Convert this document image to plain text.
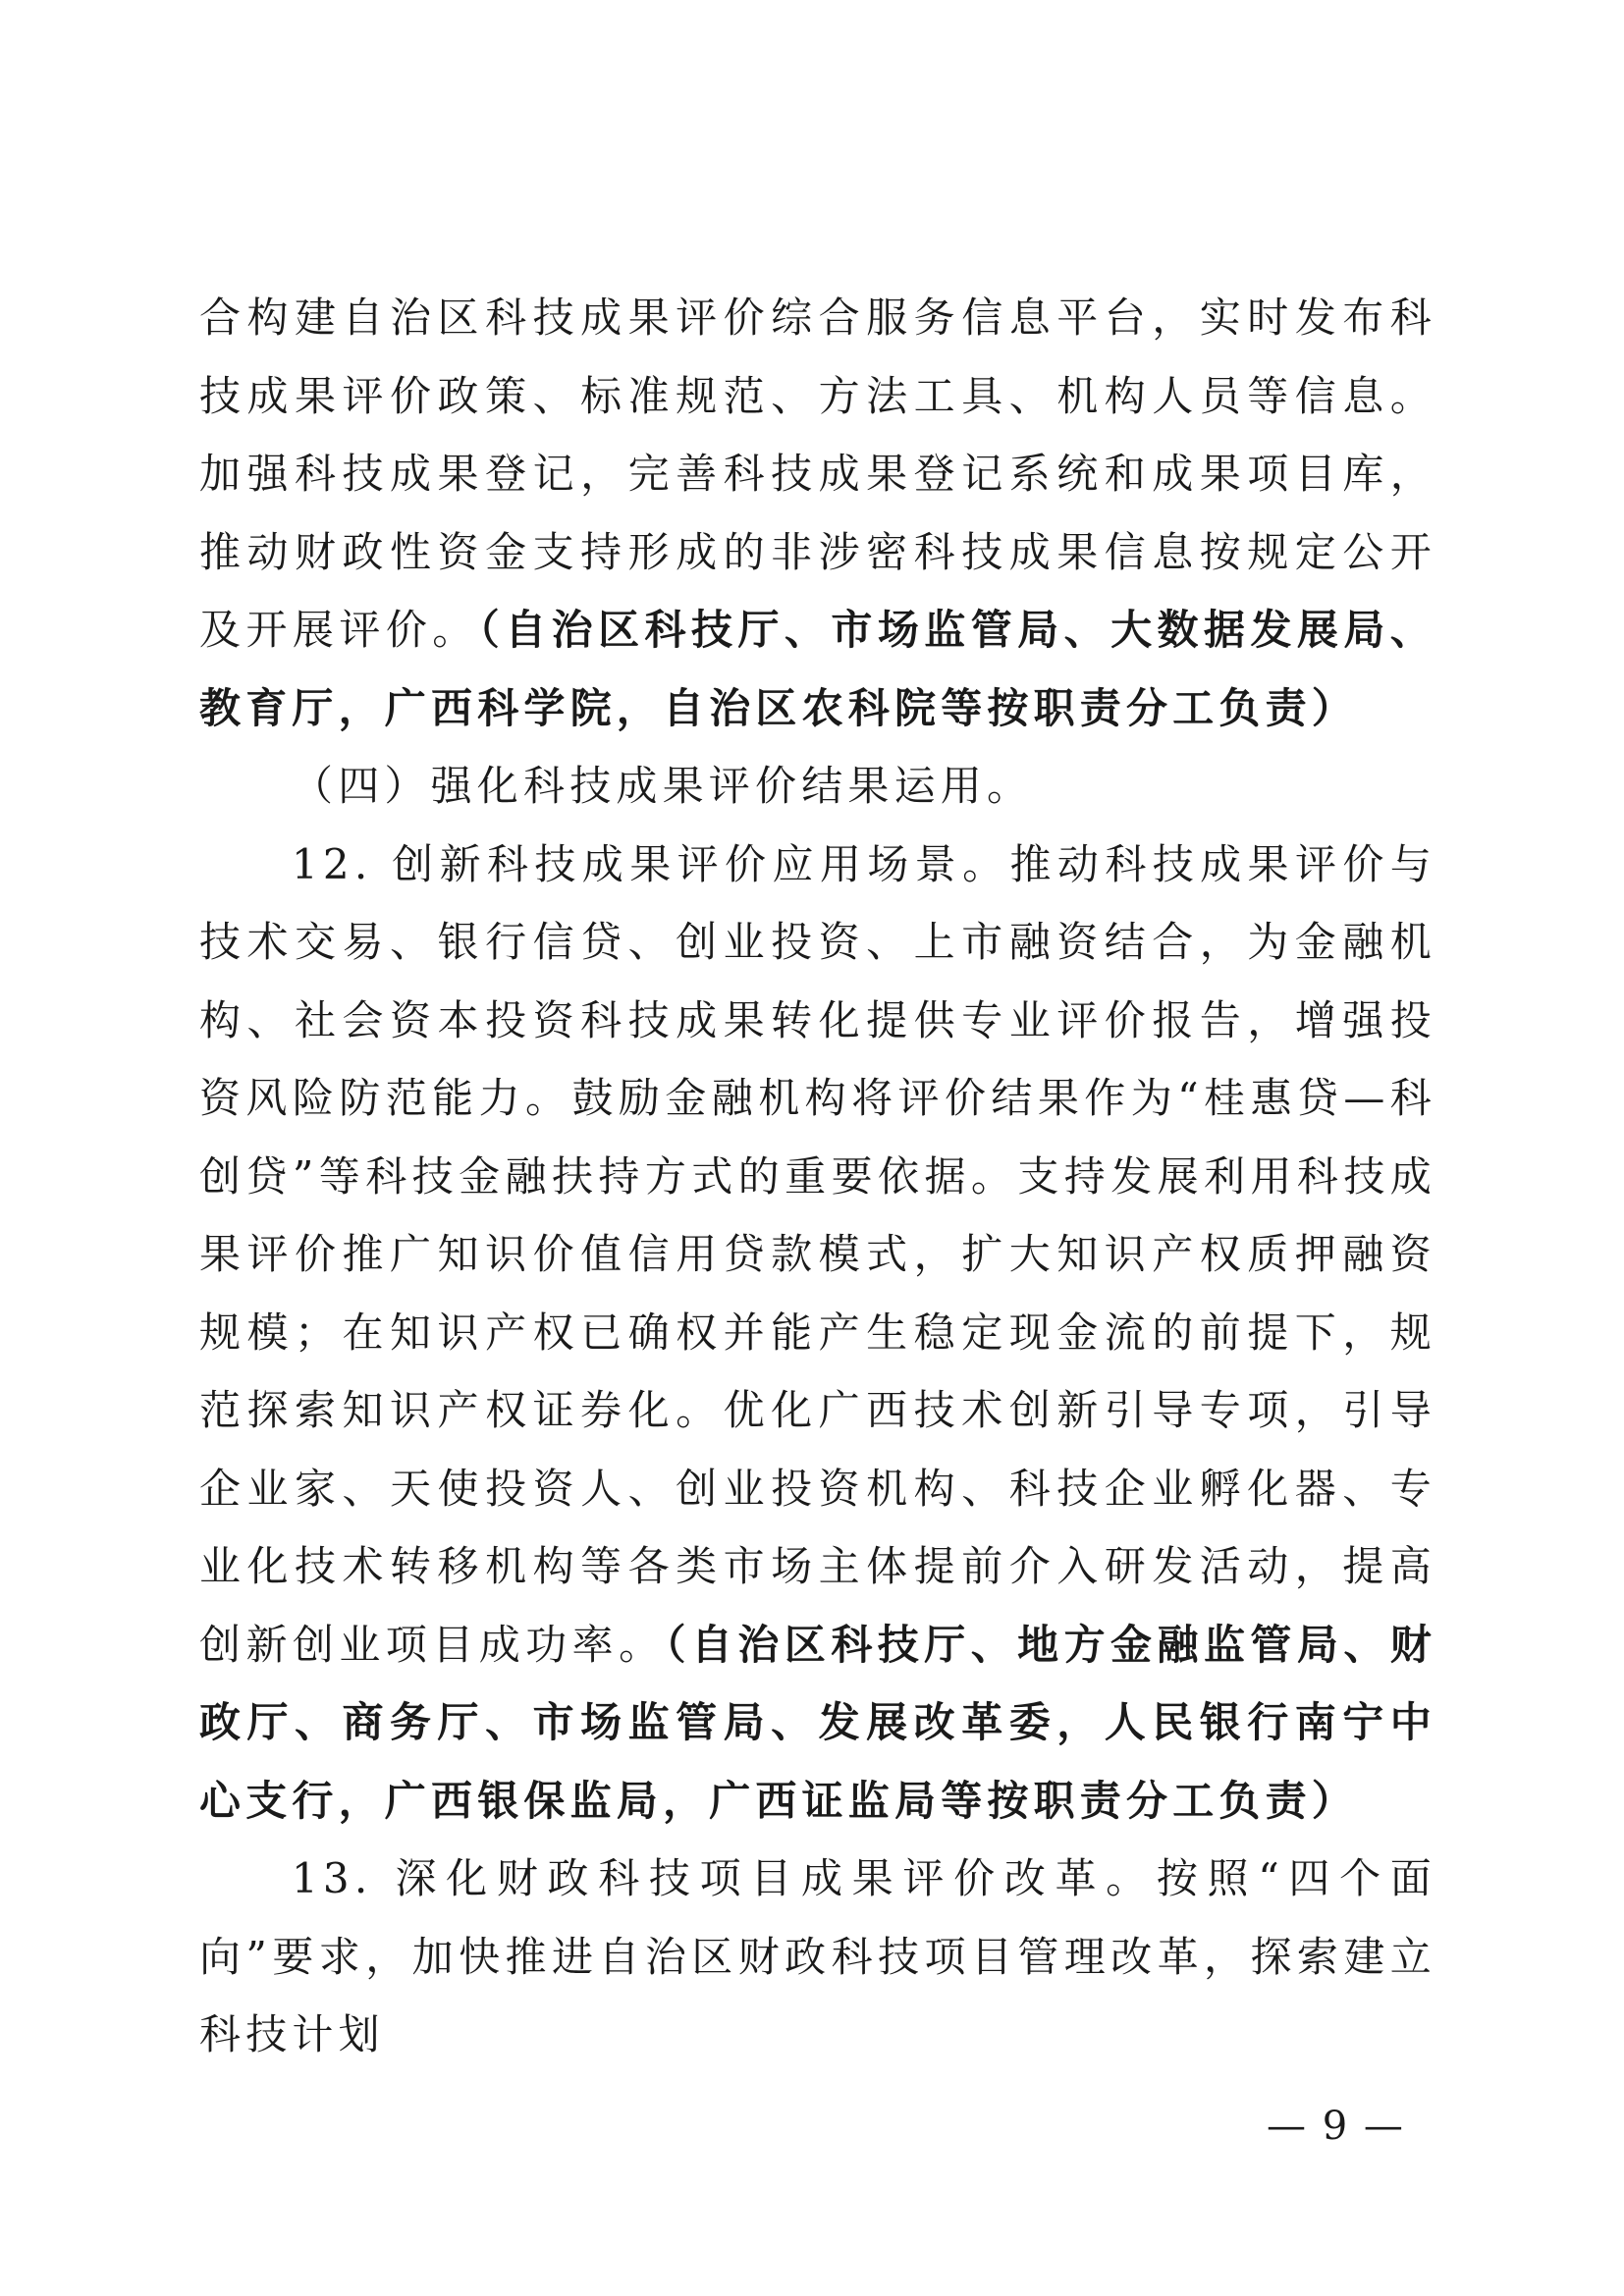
合构建自治区科技成果评价综合服务信息平台，实时发布科技成果评价政策、标准规范、方法工具、机构人员等信息。加强科技成果登记，完善科技成果登记系统和成果项目库，推动财政性资金支持形成的非涉密科技成果信息按规定公开及开展评价。（自治区科技厅、市场监管局、大数据发展局、教育厅，广西科学院，自治区农科院等按职责分工负责）

（四）强化科技成果评价结果运用。

12. 创新科技成果评价应用场景。推动科技成果评价与技术交易、银行信贷、创业投资、上市融资结合，为金融机构、社会资本投资科技成果转化提供专业评价报告，增强投资风险防范能力。鼓励金融机构将评价结果作为“桂惠贷—科创贷”等科技金融扶持方式的重要依据。支持发展利用科技成果评价推广知识价值信用贷款模式，扩大知识产权质押融资规模；在知识产权已确权并能产生稳定现金流的前提下，规范探索知识产权证券化。优化广西技术创新引导专项，引导企业家、天使投资人、创业投资机构、科技企业孵化器、专业化技术转移机构等各类市场主体提前介入研发活动，提高创新创业项目成功率。（自治区科技厅、地方金融监管局、财政厅、商务厅、市场监管局、发展改革委，人民银行南宁中心支行，广西银保监局，广西证监局等按职责分工负责）

13. 深化财政科技项目成果评价改革。按照“四个面向”要求，加快推进自治区财政科技项目管理改革，探索建立科技计划

— 9 —
